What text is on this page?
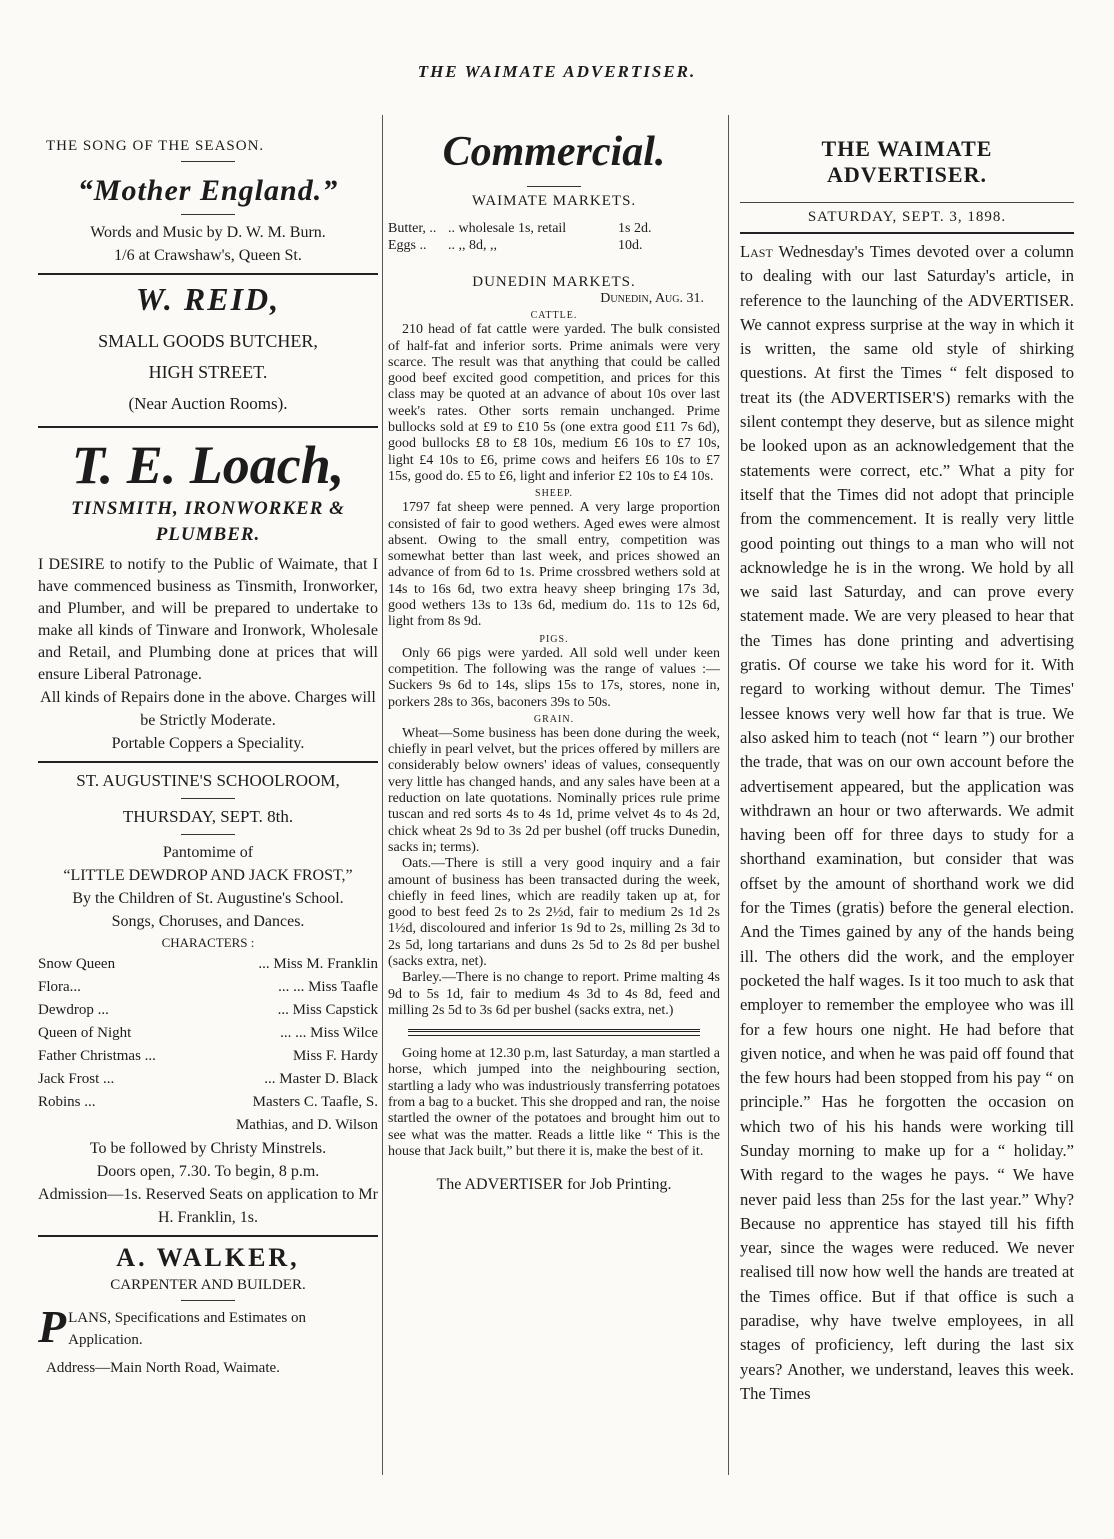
THE WAIMATE ADVERTISER.

THE SONG OF THE SEASON.

“Mother England.”

Words and Music by D. W. M. Burn.

1/6 at Crawshaw's, Queen St.

W. REID,

SMALL GOODS BUTCHER,

HIGH STREET.

(Near Auction Rooms).

T. E. Loach,

TINSMITH, IRONWORKER &

PLUMBER.

I DESIRE to notify to the Public of Waimate, that I have commenced business as Tinsmith, Ironworker, and Plumber, and will be prepared to undertake to make all kinds of Tinware and Ironwork, Wholesale and Retail, and Plumbing done at prices that will ensure Liberal Patronage.

All kinds of Repairs done in the above. Charges will be Strictly Moderate.

Portable Coppers a Speciality.

ST. AUGUSTINE'S SCHOOLROOM,

THURSDAY, SEPT. 8th.

Pantomime of

“LITTLE DEWDROP AND JACK FROST,”

By the Children of St. Augustine's School.

Songs, Choruses, and Dances.

CHARACTERS :

Snow Queen	... Miss M. Franklin
Flora...	... ... Miss Taafle
Dewdrop ...	... Miss Capstick
Queen of Night	... ... Miss Wilce
Father Christmas ...	Miss F. Hardy
Jack Frost ...	... Master D. Black
Robins ...	Masters C. Taafle, S.
Mathias, and D. Wilson

To be followed by Christy Minstrels.

Doors open, 7.30. To begin, 8 p.m.

Admission—1s. Reserved Seats on application to Mr H. Franklin, 1s.

A. WALKER,

CARPENTER AND BUILDER.

PLANS, Specifications and Estimates on Application.

Address—Main North Road, Waimate.

Commercial.

WAIMATE MARKETS.

Butter, .. .. wholesale 1s, retail	1s 2d.
Eggs ..	.. ,, 8d, ,,	10d.

DUNEDIN MARKETS.

Dunedin, Aug. 31.

CATTLE.

210 head of fat cattle were yarded. The bulk consisted of half-fat and inferior sorts. Prime animals were very scarce. The result was that anything that could be called good beef excited good competition, and prices for this class may be quoted at an advance of about 10s over last week's rates. Other sorts remain unchanged. Prime bullocks sold at £9 to £10 5s (one extra good £11 7s 6d), good bullocks £8 to £8 10s, medium £6 10s to £7 10s, light £4 10s to £6, prime cows and heifers £6 10s to £7 15s, good do. £5 to £6, light and inferior £2 10s to £4 10s.

SHEEP.

1797 fat sheep were penned. A very large proportion consisted of fair to good wethers. Aged ewes were almost absent. Owing to the small entry, competition was somewhat better than last week, and prices showed an advance of from 6d to 1s. Prime crossbred wethers sold at 14s to 16s 6d, two extra heavy sheep bringing 17s 3d, good wethers 13s to 13s 6d, medium do. 11s to 12s 6d, light from 8s 9d.

PIGS.

Only 66 pigs were yarded. All sold well under keen competition. The following was the range of values :—Suckers 9s 6d to 14s, slips 15s to 17s, stores, none in, porkers 28s to 36s, baconers 39s to 50s.

GRAIN.

Wheat—Some business has been done during the week, chiefly in pearl velvet, but the prices offered by millers are considerably below owners' ideas of values, consequently very little has changed hands, and any sales have been at a reduction on late quotations. Nominally prices rule prime tuscan and red sorts 4s to 4s 1d, prime velvet 4s to 4s 2d, chick wheat 2s 9d to 3s 2d per bushel (off trucks Dunedin, sacks in; terms).

Oats.—There is still a very good inquiry and a fair amount of business has been transacted during the week, chiefly in feed lines, which are readily taken up at, for good to best feed 2s to 2s 2½d, fair to medium 2s 1d 2s 1½d, discoloured and inferior 1s 9d to 2s, milling 2s 3d to 2s 5d, long tartarians and duns 2s 5d to 2s 8d per bushel (sacks extra, net).

Barley.—There is no change to report. Prime malting 4s 9d to 5s 1d, fair to medium 4s 3d to 4s 8d, feed and milling 2s 5d to 3s 6d per bushel (sacks extra, net.)

Going home at 12.30 p.m, last Saturday, a man startled a horse, which jumped into the neighbouring section, startling a lady who was industriously transferring potatoes from a bag to a bucket. This she dropped and ran, the noise startled the owner of the potatoes and brought him out to see what was the matter. Reads a little like “ This is the house that Jack built,” but there it is, make the best of it.

The ADVERTISER for Job Printing.

THE WAIMATE ADVERTISER.

SATURDAY, SEPT. 3, 1898.

Last Wednesday's Times devoted over a column to dealing with our last Saturday's article, in reference to the launching of the ADVERTISER. We cannot express surprise at the way in which it is written, the same old style of shirking questions. At first the Times “ felt disposed to treat its (the ADVERTISER'S) remarks with the silent contempt they deserve, but as silence might be looked upon as an acknowledgement that the statements were correct, etc.” What a pity for itself that the Times did not adopt that principle from the commencement. It is really very little good pointing out things to a man who will not acknowledge he is in the wrong. We hold by all we said last Saturday, and can prove every statement made. We are very pleased to hear that the Times has done printing and advertising gratis. Of course we take his word for it. With regard to working without demur. The Times' lessee knows very well how far that is true. We also asked him to teach (not “ learn ”) our brother the trade, that was on our own account before the advertisement appeared, but the application was withdrawn an hour or two afterwards. We admit having been off for three days to study for a shorthand examination, but consider that was offset by the amount of shorthand work we did for the Times (gratis) before the general election. And the Times gained by any of the hands being ill. The others did the work, and the employer pocketed the half wages. Is it too much to ask that employer to remember the employee who was ill for a few hours one night. He had before that given notice, and when he was paid off found that the few hours had been stopped from his pay “ on principle.” Has he forgotten the occasion on which two of his his hands were working till Sunday morning to make up for a “ holiday.” With regard to the wages he pays. “ We have never paid less than 25s for the last year.” Why? Because no apprentice has stayed till his fifth year, since the wages were reduced. We never realised till now how well the hands are treated at the Times office. But if that office is such a paradise, why have twelve employees, in all stages of proficiency, left during the last six years? Another, we understand, leaves this week. The Times
